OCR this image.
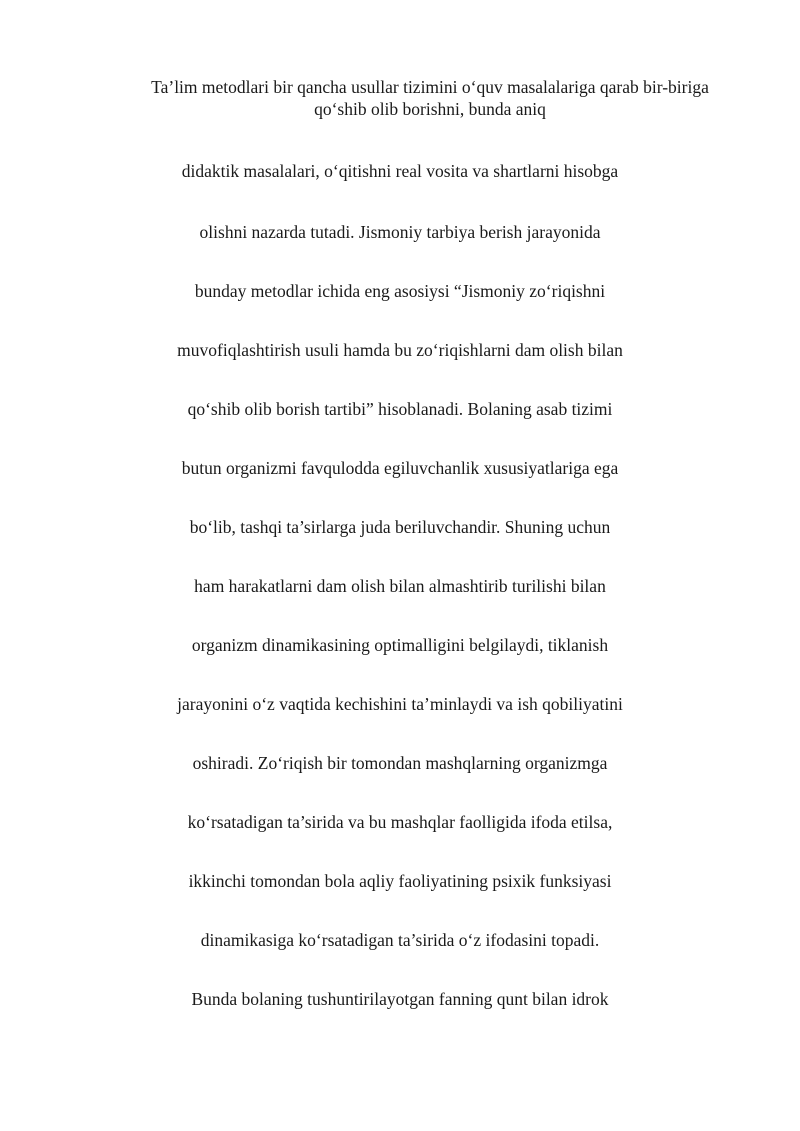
Ta’lim metodlari bir qancha usullar tizimini o‘quv masalalariga qarab bir-biriga
qo‘shib olib borishni, bunda aniq
didaktik masalalari, o‘qitishni real vosita va shartlarni hisobga
olishni nazarda tutadi. Jismoniy tarbiya berish jarayonida
bunday metodlar ichida eng asosiysi “Jismoniy zo‘riqishni
muvofiqlashtirish usuli hamda bu zo‘riqishlarni dam olish bilan
qo‘shib olib borish tartibi” hisoblanadi. Bolaning asab tizimi
butun organizmi favqulodda egiluvchanlik xususiyatlariga ega
bo‘lib, tashqi ta’sirlarga juda beriluvchandir. Shuning uchun
ham harakatlarni dam olish bilan almashtirib turilishi bilan
organizm dinamikasining optimalligini belgilaydi, tiklanish
jarayonini o‘z vaqtida kechishini ta’minlaydi va ish qobiliyatini
oshiradi. Zo‘riqish bir tomondan mashqlarning organizmga
ko‘rsatadigan ta’sirida va bu mashqlar faolligida ifoda etilsa,
ikkinchi tomondan bola aqliy faoliyatining psixik funksiyasi
dinamikasiga ko‘rsatadigan ta’sirida o‘z ifodasini topadi.
Bunda bolaning tushuntirilayotgan fanning qunt bilan idrok
